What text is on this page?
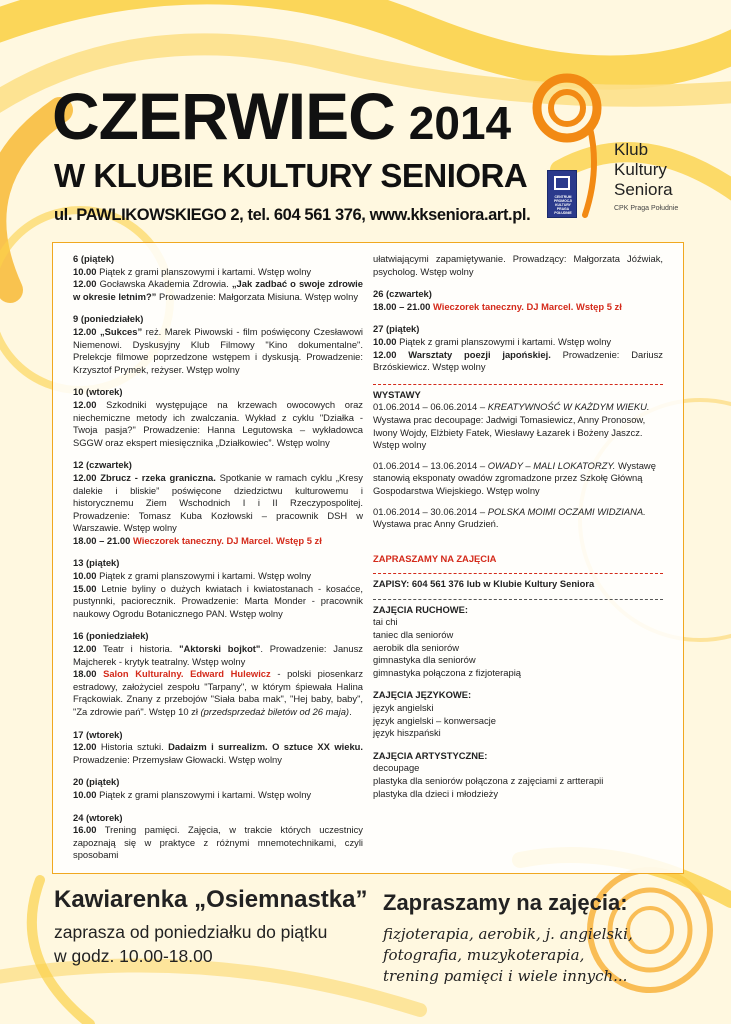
CZERWIEC 2014
W KLUBIE KULTURY SENIORA
ul. PAWLIKOWSKIEGO 2, tel. 604 561 376, www.kkseniora.art.pl.
CENTRUM PROMOCJI KULTURY PRAGA POŁUDNIE
Klub
Kultury
Seniora
CPK Praga Południe
6 (piątek)

10.00 Piątek z grami planszowymi i kartami. Wstęp wolny

12.00 Gocławska Akademia Zdrowia. „Jak zadbać o swoje zdrowie w okresie letnim?” Prowadzenie: Małgorzata Misiuna. Wstęp wolny

9 (poniedziałek)

12.00 „Sukces” reż. Marek Piwowski - film poświęcony Czesławowi Niemenowi. Dyskusyjny Klub Filmowy "Kino dokumentalne". Prelekcje filmowe poprzedzone wstępem i dyskusją. Prowadzenie: Krzysztof Prymek, reżyser. Wstęp wolny

10 (wtorek)

12.00 Szkodniki występujące na krzewach owocowych oraz niechemiczne metody ich zwalczania. Wykład z cyklu "Działka - Twoja pasja?" Prowadzenie: Hanna Legutowska – wykładowca SGGW oraz ekspert miesięcznika „Działkowiec”. Wstęp wolny

12 (czwartek)

12.00 Zbrucz - rzeka graniczna. Spotkanie w ramach cyklu „Kresy dalekie i bliskie” poświęcone dziedzictwu kulturowemu i historycznemu Ziem Wschodnich I i II Rzeczypospolitej. Prowadzenie: Tomasz Kuba Kozłowski – pracownik DSH w Warszawie. Wstęp wolny

18.00 – 21.00 Wieczorek taneczny. DJ Marcel. Wstęp 5 zł

13 (piątek)

10.00 Piątek z grami planszowymi i kartami. Wstęp wolny

15.00 Letnie byliny o dużych kwiatach i kwiatostanach - kosaćce, pustynnki, paciorecznik. Prowadzenie: Marta Monder - pracownik naukowy Ogrodu Botanicznego PAN. Wstęp wolny

16 (poniedziałek)

12.00 Teatr i historia. "Aktorski bojkot". Prowadzenie: Janusz Majcherek - krytyk teatralny. Wstęp wolny

18.00 Salon Kulturalny. Edward Hulewicz - polski piosenkarz estradowy, założyciel zespołu "Tarpany", w którym śpiewała Halina Frąckowiak. Znany z przebojów "Siała baba mak", "Hej baby, baby", "Za zdrowie pań". Wstęp 10 zł (przedsprzedaż biletów od 26 maja).

17 (wtorek)

12.00 Historia sztuki. Dadaizm i surrealizm. O sztuce XX wieku. Prowadzenie: Przemysław Głowacki. Wstęp wolny

20 (piątek)

10.00 Piątek z grami planszowymi i kartami. Wstęp wolny

24 (wtorek)

16.00 Trening pamięci. Zajęcia, w trakcie których uczestnicy zapoznają się w praktyce z różnymi mnemotechnikami, czyli sposobami

ułatwiającymi zapamiętywanie. Prowadzący: Małgorzata Jóźwiak, psycholog. Wstęp wolny

26 (czwartek)

18.00 – 21.00 Wieczorek taneczny. DJ Marcel. Wstęp 5 zł

27 (piątek)

10.00 Piątek z grami planszowymi i kartami. Wstęp wolny

12.00 Warsztaty poezji japońskiej. Prowadzenie: Dariusz Brzóskiewicz. Wstęp wolny

WYSTAWY

01.06.2014 – 06.06.2014 – KREATYWNOŚĆ W KAŻDYM WIEKU. Wystawa prac decoupage: Jadwigi Tomasiewicz, Anny Pronosow, Iwony Wojdy, Elżbiety Fatek, Wiesławy Łazarek i Bożeny Jaszcz. Wstęp wolny

01.06.2014 – 13.06.2014 – OWADY – MALI LOKATORZY. Wystawę stanowią eksponaty owadów zgromadzone przez Szkołę Główną Gospodarstwa Wiejskiego. Wstęp wolny

01.06.2014 – 30.06.2014 – POLSKA MOIMI OCZAMI WIDZIANA. Wystawa prac Anny Grudzień.

ZAPRASZAMY NA ZAJĘCIA
ZAPISY: 604 561 376 lub w Klubie Kultury Seniora
ZAJĘCIA RUCHOWE:
tai chi
taniec dla seniorów
aerobik dla seniorów
gimnastyka dla seniorów
gimnastyka połączona z fizjoterapią
ZAJĘCIA JĘZYKOWE:
język angielski
język angielski – konwersacje
język hiszpański
ZAJĘCIA ARTYSTYCZNE:
decoupage
plastyka dla seniorów połączona z zajęciami z artterapii
plastyka dla dzieci i młodzieży
Kawiarenka „Osiemnastka”
zaprasza od poniedziałku do piątku
w godz. 10.00-18.00
Zapraszamy na zajęcia:
fizjoterapia, aerobik, j. angielski,
fotografia, muzykoterapia,
trening pamięci i wiele innych...
